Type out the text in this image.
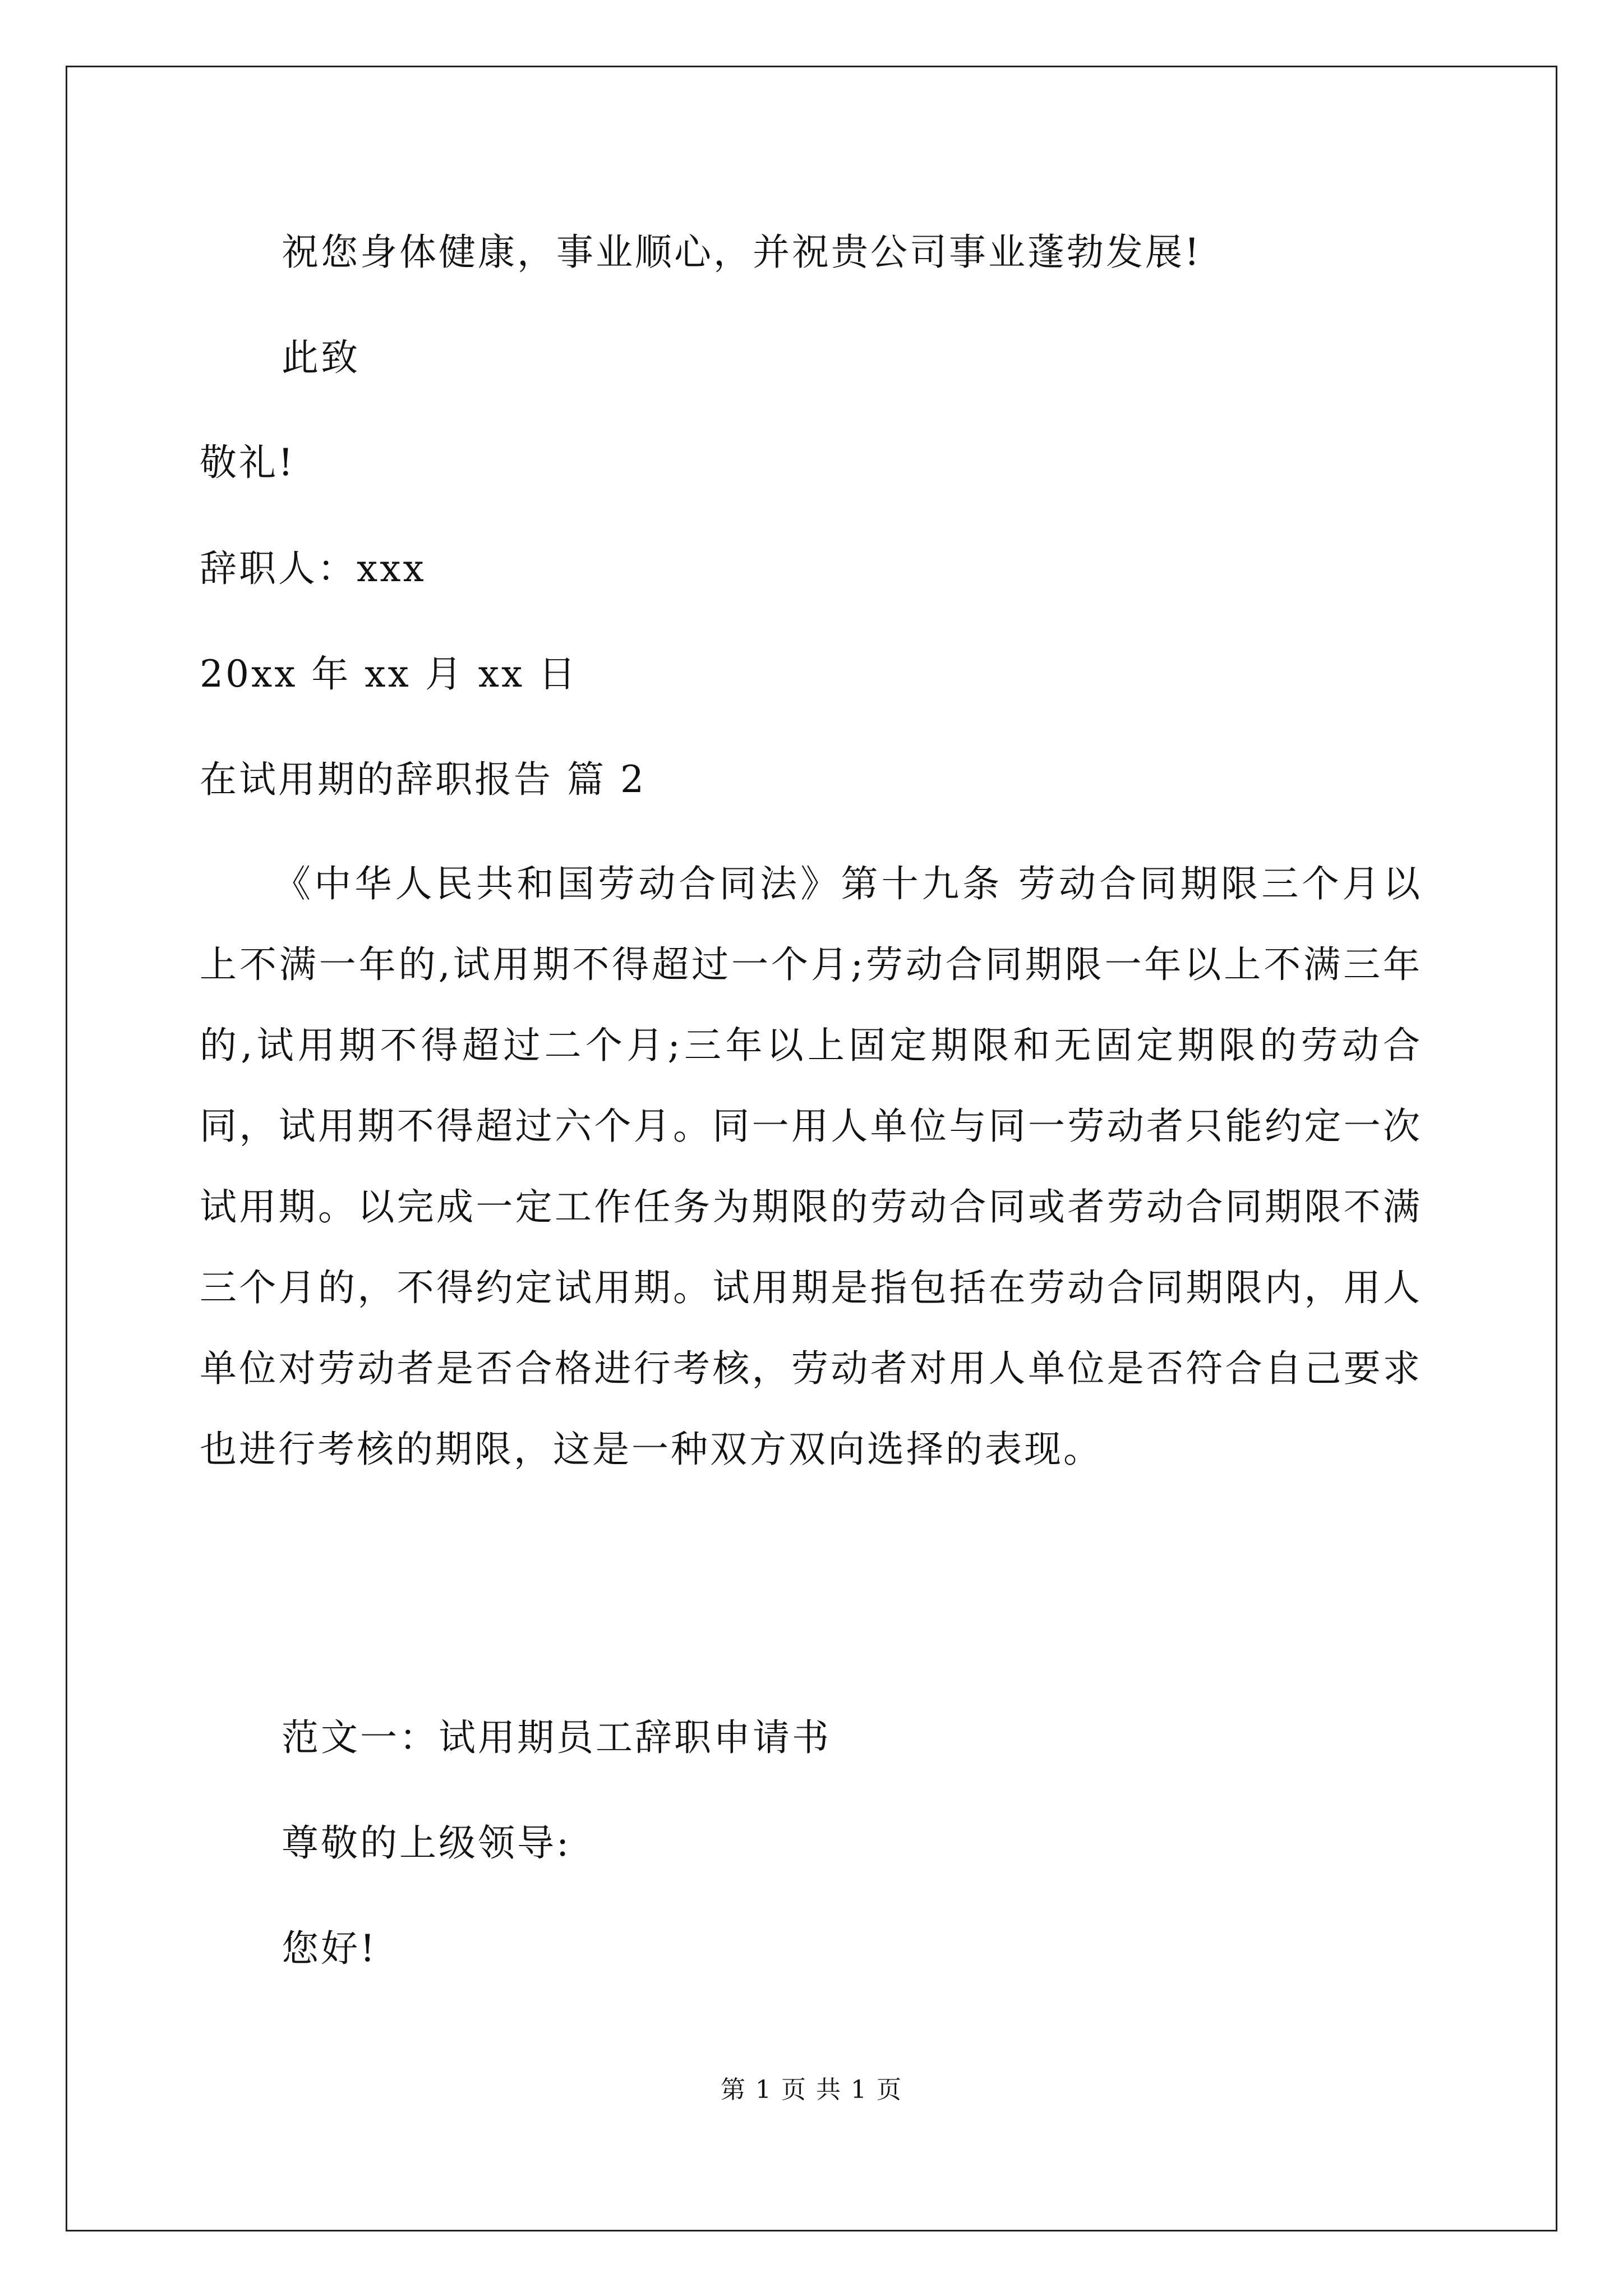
祝您身体健康，事业顺心，并祝贵公司事业蓬勃发展!
此致
敬礼!
辞职人：xxx
20xx 年 xx 月 xx 日
在试用期的辞职报告 篇 2

《中华人民共和国劳动合同法》第十九条 劳动合同期限三个月以上不满一年的,试用期不得超过一个月;劳动合同期限一年以上不满三年的,试用期不得超过二个月;三年以上固定期限和无固定期限的劳动合同，试用期不得超过六个月。同一用人单位与同一劳动者只能约定一次试用期。以完成一定工作任务为期限的劳动合同或者劳动合同期限不满三个月的，不得约定试用期。试用期是指包括在劳动合同期限内，用人单位对劳动者是否合格进行考核，劳动者对用人单位是否符合自己要求也进行考核的期限，这是一种双方双向选择的表现。

范文一：试用期员工辞职申请书
尊敬的上级领导:
您好!
第 1 页 共 1 页
